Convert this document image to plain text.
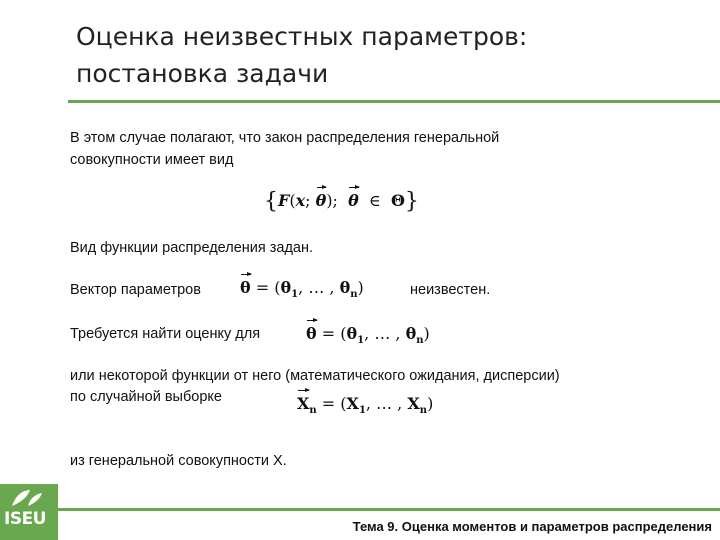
Оценка неизвестных параметров:
постановка задачи
В этом случае полагают, что закон распределения генеральной
совокупности имеет вид
{F(x; θ);  θ  ∈  Θ}
Вид функции распределения задан.
Вектор параметров $\theta = (\theta_1$, … , $\theta_n$)	неизвестен.
Требуется найти оценку для	$\theta = (\theta_1$, … , $\theta_n$)
или некоторой функции от него (математического ожидания, дисперсии)
по случайной выборке	$X_n = (X_1$, … , $X_n$)
из генеральной совокупности Х.
Тема 9. Оценка моментов и параметров распределения
ISEU
